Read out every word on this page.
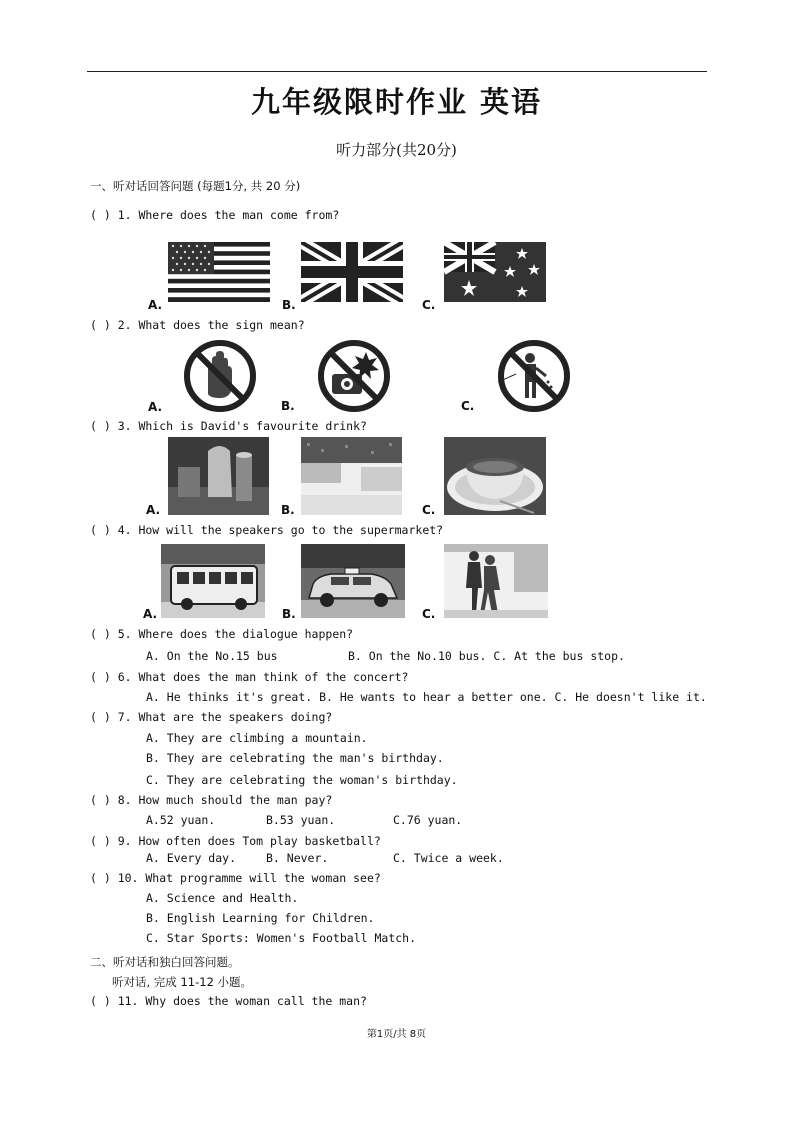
九年级限时作业 英语
听力部分(共20分)
一、听对话回答问题 (每题1分, 共 20 分)
( ) 1. Where does the man come from?
A.	B.	C.
( ) 2. What does the sign mean?
A.	B.	C.
( ) 3. Which is David's favourite drink?
A.	B.	C.
( ) 4. How will the speakers go to the supermarket?
A.	B.	C.
( ) 5. Where does the dialogue happen?
A. On the No.15 bus	B. On the No.10 bus. C. At the bus stop.
( ) 6. What does the man think of the concert?
A. He thinks it's great. B. He wants to hear a better one. C. He doesn't like it.
( ) 7. What are the speakers doing?
A. They are climbing a mountain.
B. They are celebrating the man's birthday.
C. They are celebrating the woman's birthday.
( ) 8. How much should the man pay?
A.52 yuan.	B.53 yuan.	C.76 yuan.
( ) 9. How often does Tom play basketball?
A. Every day.	B. Never.	C. Twice a week.
( ) 10. What programme will the woman see?
A. Science and Health.
B. English Learning for Children.
C. Star Sports: Women's Football Match.
二、听对话和独白回答问题。
听对话, 完成 11-12 小题。
( ) 11. Why does the woman call the man?
第1页/共 8页
